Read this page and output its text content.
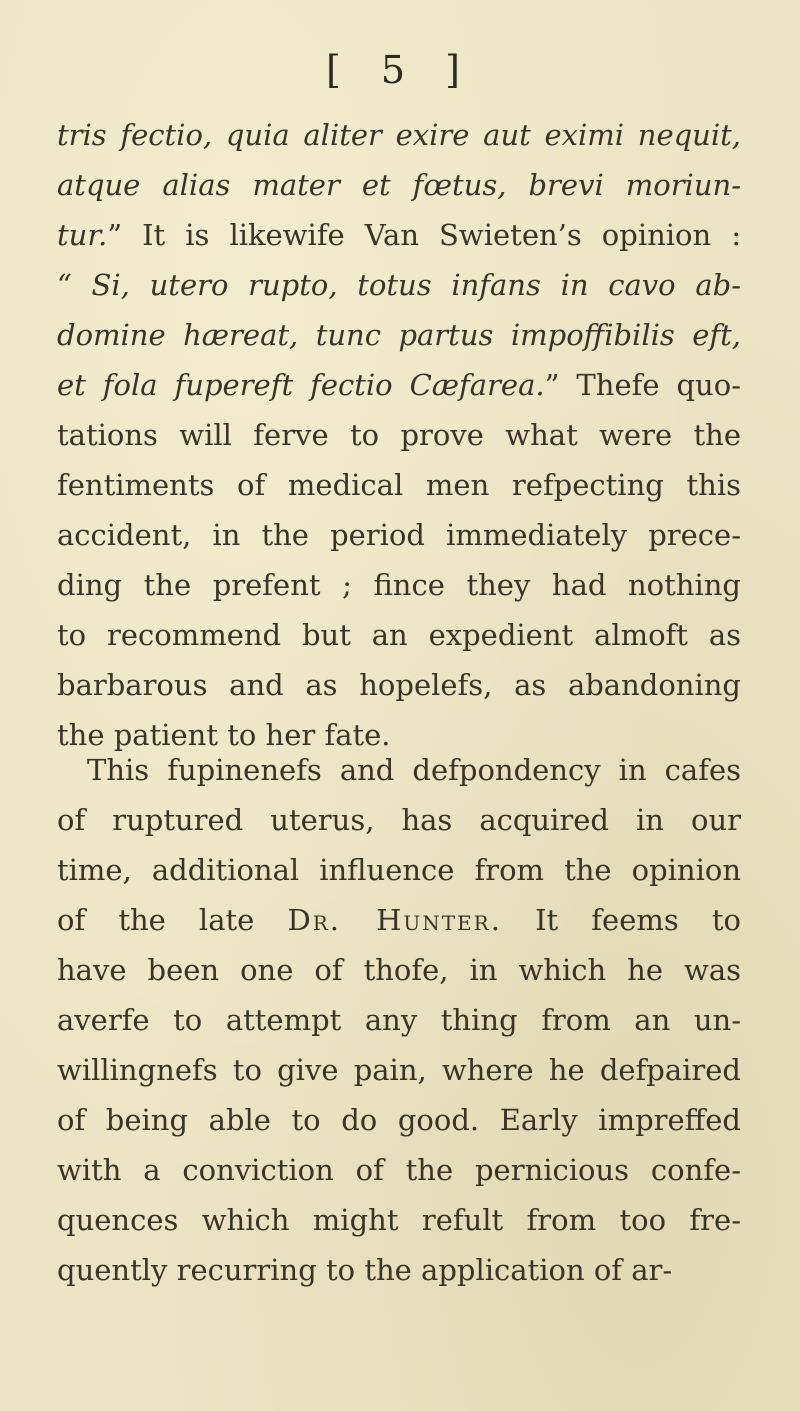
[ 5 ]
tris fectio, quia aliter exire aut eximi nequit,
atque alias mater et fœtus, brevi moriun-
tur.” It is likewife Van Swieten’s opinion :
“ Si, utero rupto, totus infans in cavo ab-
domine hæreat, tunc partus impoffibilis eft,
et fola fupereft fectio Cæfarea.” Thefe quo-
tations will ferve to prove what were the
fentiments of medical men refpecting this
accident, in the period immediately prece-
ding the prefent ; fince they had nothing
to recommend but an expedient almoft as
barbarous and as hopelefs, as abandoning
the patient to her fate.
This fupinenefs and defpondency in cafes
of ruptured uterus, has acquired in our
time, additional influence from the opinion
of the late Dr. Hunter. It feems to
have been one of thofe, in which he was
averfe to attempt any thing from an un-
willingnefs to give pain, where he defpaired
of being able to do good. Early impreffed
with a conviction of the pernicious confe-
quences which might refult from too fre-
quently recurring to the application of ar-
